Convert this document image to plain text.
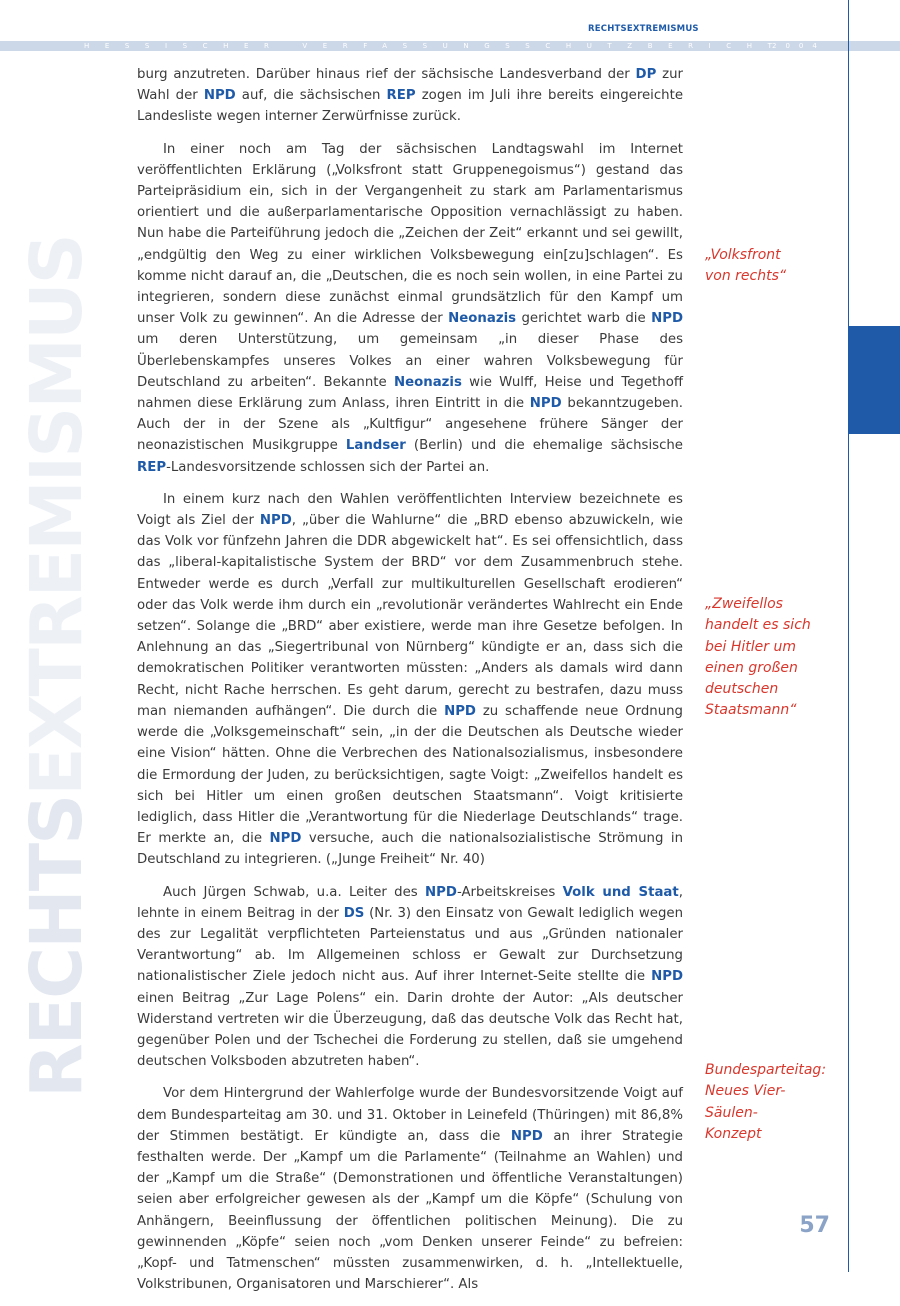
RECHTSEXTREMISMUS
HESSISCHER VERFASSUNGSSCHUTZBERICHT
2004
RECHTSEXTREMISMUS

burg anzutreten. Darüber hinaus rief der sächsische Landesverband der DP zur Wahl der NPD auf, die sächsischen REP zogen im Juli ihre bereits eingereichte Landesliste wegen interner Zerwürfnisse zurück.

In einer noch am Tag der sächsischen Landtagswahl im Internet veröffentlichten Erklärung („Volksfront statt Gruppenegoismus“) gestand das Parteipräsidium ein, sich in der Vergangenheit zu stark am Parlamentarismus orientiert und die außerparlamentarische Opposition vernachlässigt zu haben. Nun habe die Parteiführung jedoch die „Zeichen der Zeit“ erkannt und sei gewillt, „endgültig den Weg zu einer wirklichen Volksbewegung ein[zu]schlagen“. Es komme nicht darauf an, die „Deutschen, die es noch sein wollen, in eine Partei zu integrieren, sondern diese zunächst einmal grundsätzlich für den Kampf um unser Volk zu gewinnen“. An die Adresse der Neonazis gerichtet warb die NPD um deren Unterstützung, um gemeinsam „in dieser Phase des Überlebenskampfes unseres Volkes an einer wahren Volksbewegung für Deutschland zu arbeiten“. Bekannte Neonazis wie Wulff, Heise und Tegethoff nahmen diese Erklärung zum Anlass, ihren Eintritt in die NPD bekanntzugeben. Auch der in der Szene als „Kultfigur“ angesehene frühere Sänger der neonazistischen Musikgruppe Landser (Berlin) und die ehemalige sächsische REP-Landesvorsitzende schlossen sich der Partei an.

In einem kurz nach den Wahlen veröffentlichten Interview bezeichnete es Voigt als Ziel der NPD, „über die Wahlurne“ die „BRD ebenso abzuwickeln, wie das Volk vor fünfzehn Jahren die DDR abgewickelt hat“. Es sei offensichtlich, dass das „liberal-kapitalistische System der BRD“ vor dem Zusammenbruch stehe. Entweder werde es durch „Verfall zur multikulturellen Gesellschaft erodieren“ oder das Volk werde ihm durch ein „revolutionär verändertes Wahlrecht ein Ende setzen“. Solange die „BRD“ aber existiere, werde man ihre Gesetze befolgen. In Anlehnung an das „Siegertribunal von Nürnberg“ kündigte er an, dass sich die demokratischen Politiker verantworten müssten: „Anders als damals wird dann Recht, nicht Rache herrschen. Es geht darum, gerecht zu bestrafen, dazu muss man niemanden aufhängen“. Die durch die NPD zu schaffende neue Ordnung werde die „Volksgemeinschaft“ sein, „in der die Deutschen als Deutsche wieder eine Vision“ hätten. Ohne die Verbrechen des Nationalsozialismus, insbesondere die Ermordung der Juden, zu berücksichtigen, sagte Voigt: „Zweifellos handelt es sich bei Hitler um einen großen deutschen Staatsmann“. Voigt kritisierte lediglich, dass Hitler die „Verantwortung für die Niederlage Deutschlands“ trage. Er merkte an, die NPD versuche, auch die nationalsozialistische Strömung in Deutschland zu integrieren. („Junge Freiheit“ Nr. 40)

Auch Jürgen Schwab, u.a. Leiter des NPD-Arbeitskreises Volk und Staat, lehnte in einem Beitrag in der DS (Nr. 3) den Einsatz von Gewalt lediglich wegen des zur Legalität verpflichteten Parteienstatus und aus „Gründen nationaler Verantwortung“ ab. Im Allgemeinen schloss er Gewalt zur Durchsetzung nationalistischer Ziele jedoch nicht aus. Auf ihrer Internet-Seite stellte die NPD einen Beitrag „Zur Lage Polens“ ein. Darin drohte der Autor: „Als deutscher Widerstand vertreten wir die Überzeugung, daß das deutsche Volk das Recht hat, gegenüber Polen und der Tschechei die Forderung zu stellen, daß sie umgehend deutschen Volksboden abzutreten haben“.

Vor dem Hintergrund der Wahlerfolge wurde der Bundesvorsitzende Voigt auf dem Bundesparteitag am 30. und 31. Oktober in Leinefeld (Thüringen) mit 86,8% der Stimmen bestätigt. Er kündigte an, dass die NPD an ihrer Strategie festhalten werde. Der „Kampf um die Parlamente“ (Teilnahme an Wahlen) und der „Kampf um die Straße“ (Demonstrationen und öffentliche Veranstaltungen) seien aber erfolgreicher gewesen als der „Kampf um die Köpfe“ (Schulung von Anhängern, Beeinflussung der öffentlichen politischen Meinung). Die zu gewinnenden „Köpfe“ seien noch „vom Denken unserer Feinde“ zu befreien: „Kopf- und Tatmenschen“ müssten zusammenwirken, d. h. „Intellektuelle, Volkstribunen, Organisatoren und Marschierer“. Als

„Volksfront
von rechts“
„Zweifellos
handelt es sich
bei Hitler um
einen großen
deutschen
Staatsmann“
Bundesparteitag:
Neues Vier-Säulen-
Konzept
57
